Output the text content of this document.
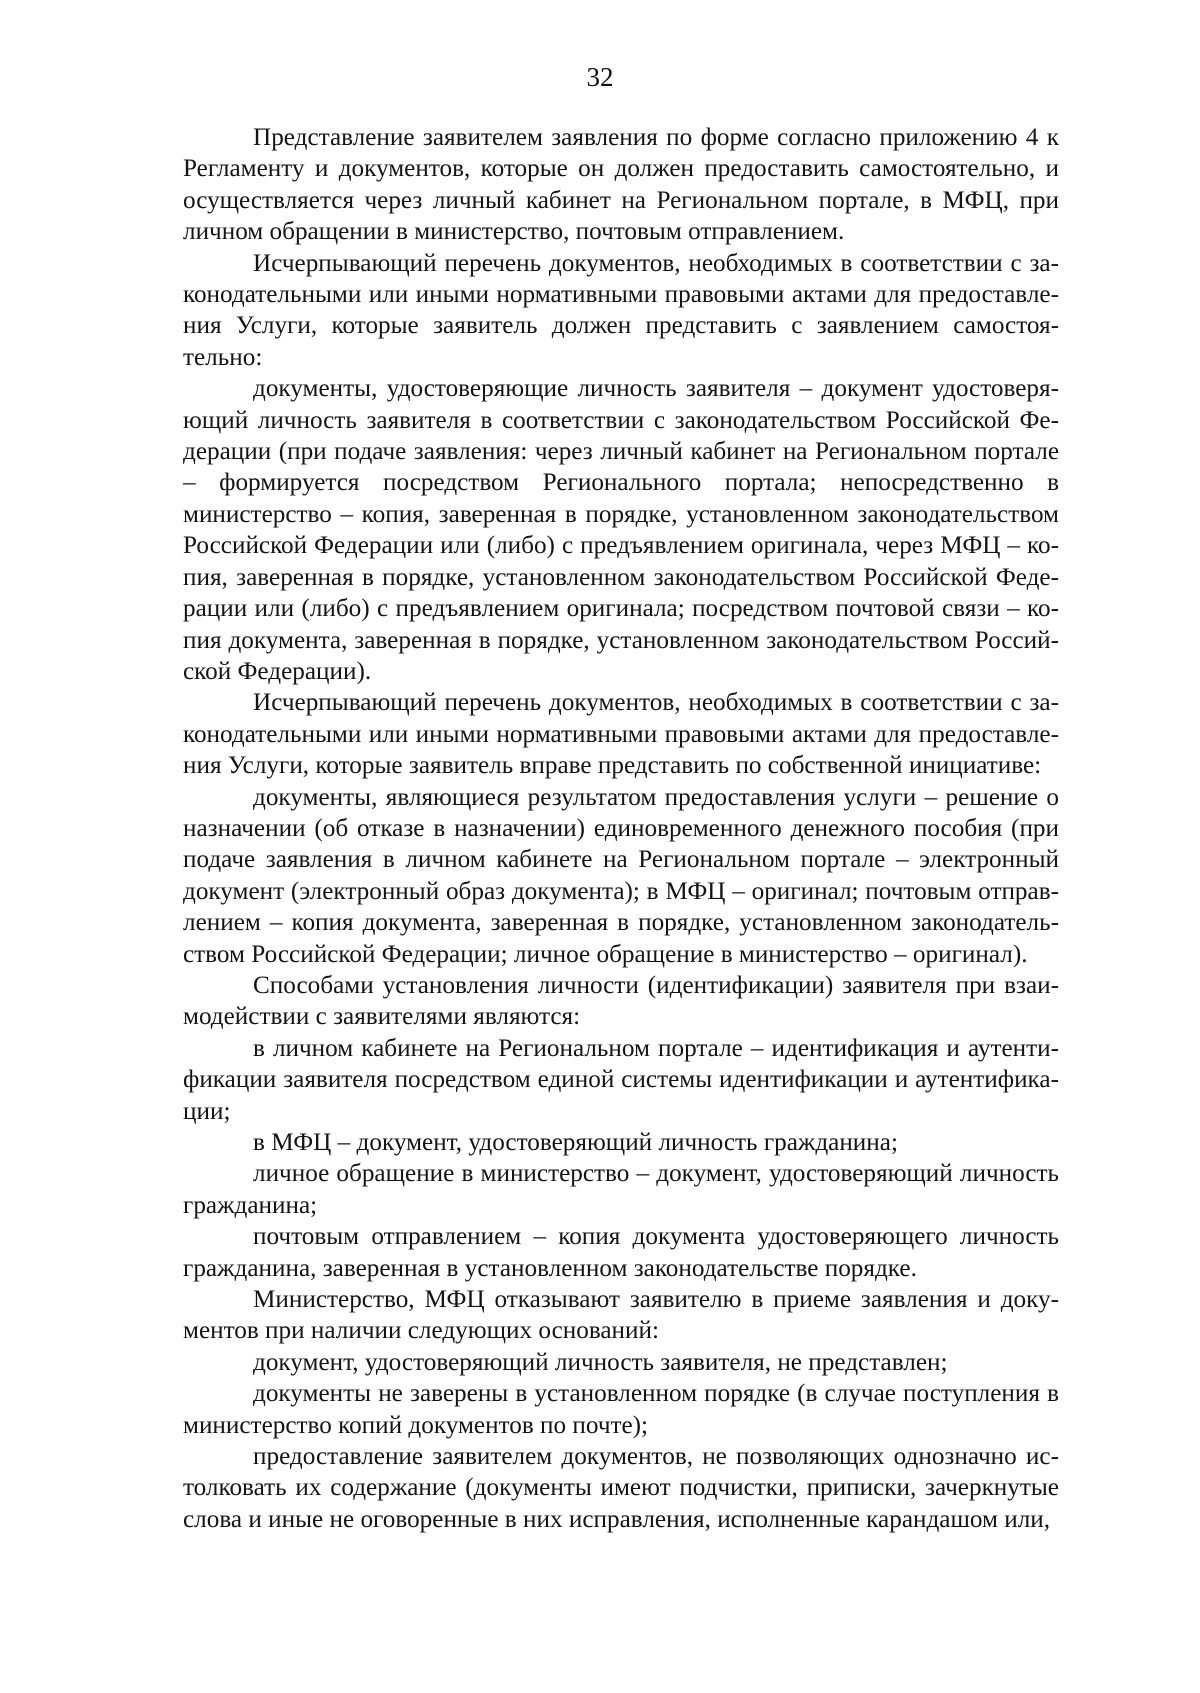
32

Представление заявителем заявления по форме согласно приложению 4 к Регламенту и документов, которые он должен предоставить самостоятельно, и осуществляется через личный кабинет на Региональном портале, в МФЦ, при личном обращении в министерство, почтовым отправлением.

Исчерпывающий перечень документов, необходимых в соответствии с законодательными или иными нормативными правовыми актами для предоставления Услуги, которые заявитель должен представить с заявлением самостоятельно:

документы, удостоверяющие личность заявителя – документ удостоверяющий личность заявителя в соответствии с законодательством Российской Федерации (при подаче заявления: через личный кабинет на Региональном портале – формируется посредством Регионального портала; непосредственно в министерство – копия, заверенная в порядке, установленном законодательством Российской Федерации или (либо) с предъявлением оригинала, через МФЦ – копия, заверенная в порядке, установленном законодательством Российской Федерации или (либо) с предъявлением оригинала; посредством почтовой связи – копия документа, заверенная в порядке, установленном законодательством Российской Федерации).

Исчерпывающий перечень документов, необходимых в соответствии с законодательными или иными нормативными правовыми актами для предоставления Услуги, которые заявитель вправе представить по собственной инициативе:

документы, являющиеся результатом предоставления услуги – решение о назначении (об отказе в назначении) единовременного денежного пособия (при подаче заявления в личном кабинете на Региональном портале – электронный документ (электронный образ документа); в МФЦ – оригинал; почтовым отправлением – копия документа, заверенная в порядке, установленном законодательством Российской Федерации; личное обращение в министерство – оригинал).

Способами установления личности (идентификации) заявителя при взаимодействии с заявителями являются:

в личном кабинете на Региональном портале – идентификация и аутентификации заявителя посредством единой системы идентификации и аутентификации;

в МФЦ – документ, удостоверяющий личность гражданина;

личное обращение в министерство – документ, удостоверяющий личность гражданина;

почтовым отправлением – копия документа удостоверяющего личность гражданина, заверенная в установленном законодательстве порядке.

Министерство, МФЦ отказывают заявителю в приеме заявления и документов при наличии следующих оснований:

документ, удостоверяющий личность заявителя, не представлен;

документы не заверены в установленном порядке (в случае поступления в министерство копий документов по почте);

предоставление заявителем документов, не позволяющих однозначно истолковать их содержание (документы имеют подчистки, приписки, зачеркнутые слова и иные не оговоренные в них исправления, исполненные карандашом или,
